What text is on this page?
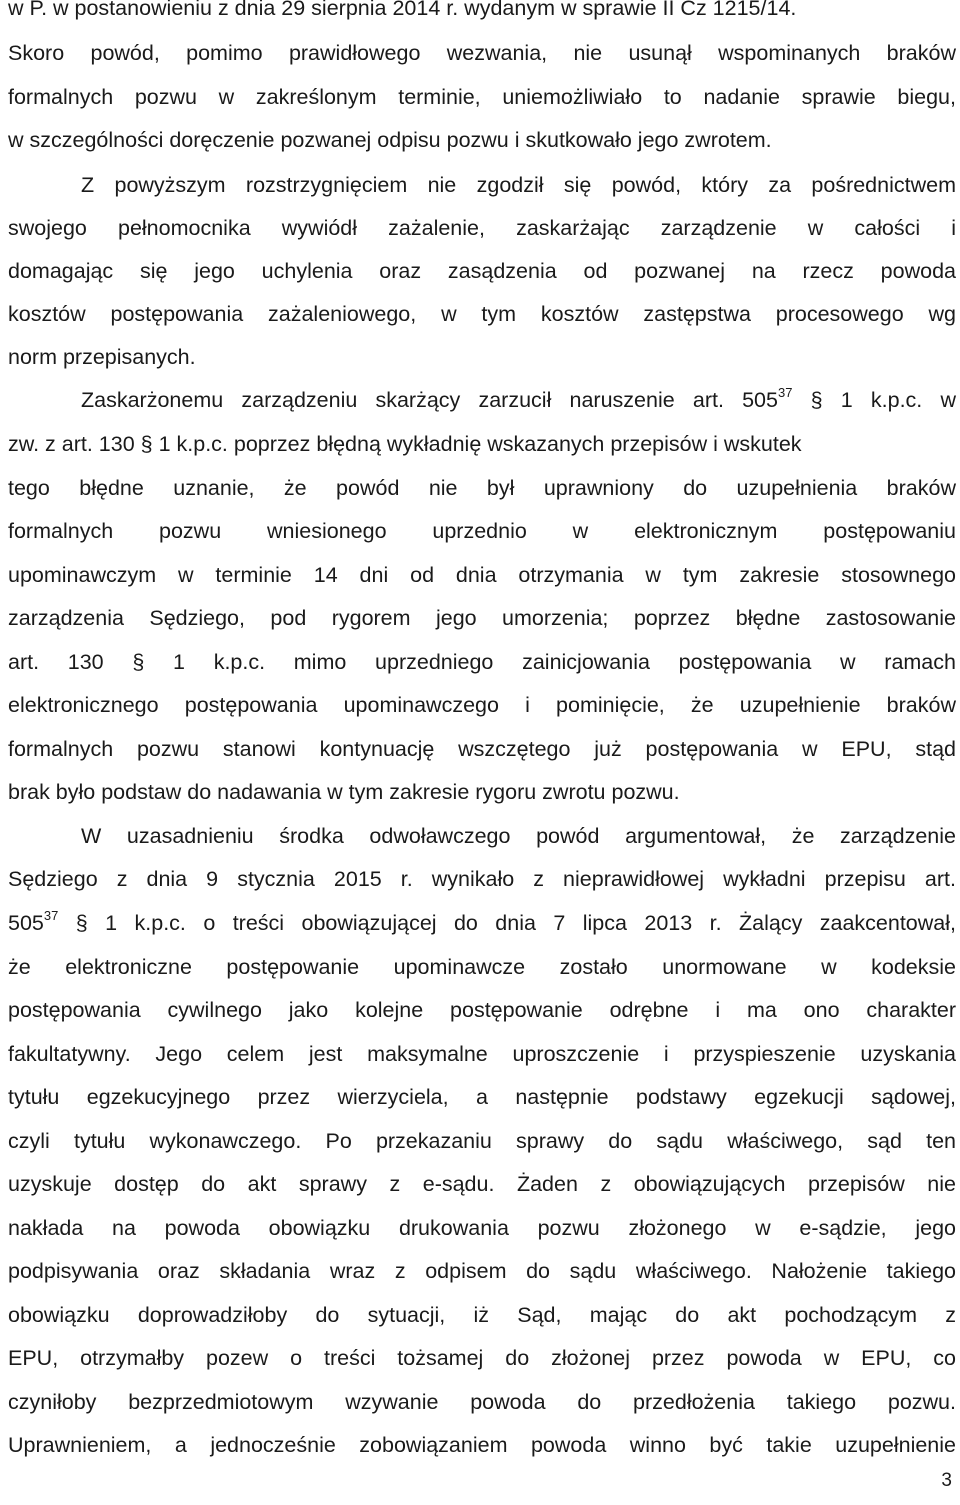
w P. w postanowieniu z dnia 29 sierpnia 2014 r. wydanym w sprawie II Cz 1215/14.
Skoro powód, pomimo prawidłowego wezwania, nie usunął wspominanych braków
formalnych pozwu w zakreślonym terminie, uniemożliwiało to nadanie sprawie biegu,
w szczególności doręczenie pozwanej odpisu pozwu i skutkowało jego zwrotem.
Z powyższym rozstrzygnięciem nie zgodził się powód, który za pośrednictwem
swojego pełnomocnika wywiódł zażalenie, zaskarżając zarządzenie w całości i
domagając się jego uchylenia oraz zasądzenia od pozwanej na rzecz powoda
kosztów postępowania zażaleniowego, w tym kosztów zastępstwa procesowego wg
norm przepisanych.
Zaskarżonemu zarządzeniu skarżący zarzucił naruszenie art. $505^{37}$ § 1 k.p.c. w
zw. z art. 130 § 1 k.p.c. poprzez błędną wykładnię wskazanych przepisów i wskutek
tego błędne uznanie, że powód nie był uprawniony do uzupełnienia braków
formalnych pozwu wniesionego uprzednio w elektronicznym postępowaniu
upominawczym w terminie 14 dni od dnia otrzymania w tym zakresie stosownego
zarządzenia Sędziego, pod rygorem jego umorzenia; poprzez błędne zastosowanie
art. 130 § 1 k.p.c. mimo uprzedniego zainicjowania postępowania w ramach
elektronicznego postępowania upominawczego i pominięcie, że uzupełnienie braków
formalnych pozwu stanowi kontynuację wszczętego już postępowania w EPU, stąd
brak było podstaw do nadawania w tym zakresie rygoru zwrotu pozwu.
W uzasadnieniu środka odwoławczego powód argumentował, że zarządzenie
Sędziego z dnia 9 stycznia 2015 r. wynikało z nieprawidłowej wykładni przepisu art.
$505^{37}$ § 1 k.p.c. o treści obowiązującej do dnia 7 lipca 2013 r. Żalący zaakcentował,
że elektroniczne postępowanie upominawcze zostało unormowane w kodeksie
postępowania cywilnego jako kolejne postępowanie odrębne i ma ono charakter
fakultatywny. Jego celem jest maksymalne uproszczenie i przyspieszenie uzyskania
tytułu egzekucyjnego przez wierzyciela, a następnie podstawy egzekucji sądowej,
czyli tytułu wykonawczego. Po przekazaniu sprawy do sądu właściwego, sąd ten
uzyskuje dostęp do akt sprawy z e-sądu. Żaden z obowiązujących przepisów nie
nakłada na powoda obowiązku drukowania pozwu złożonego w e-sądzie, jego
podpisywania oraz składania wraz z odpisem do sądu właściwego. Nałożenie takiego
obowiązku doprowadziłoby do sytuacji, iż Sąd, mając do akt pochodzącym z
EPU, otrzymałby pozew o treści tożsamej do złożonej przez powoda w EPU, co
czyniłoby bezprzedmiotowym wzywanie powoda do przedłożenia takiego pozwu.
Uprawnieniem, a jednocześnie zobowiązaniem powoda winno być takie uzupełnienie
3
